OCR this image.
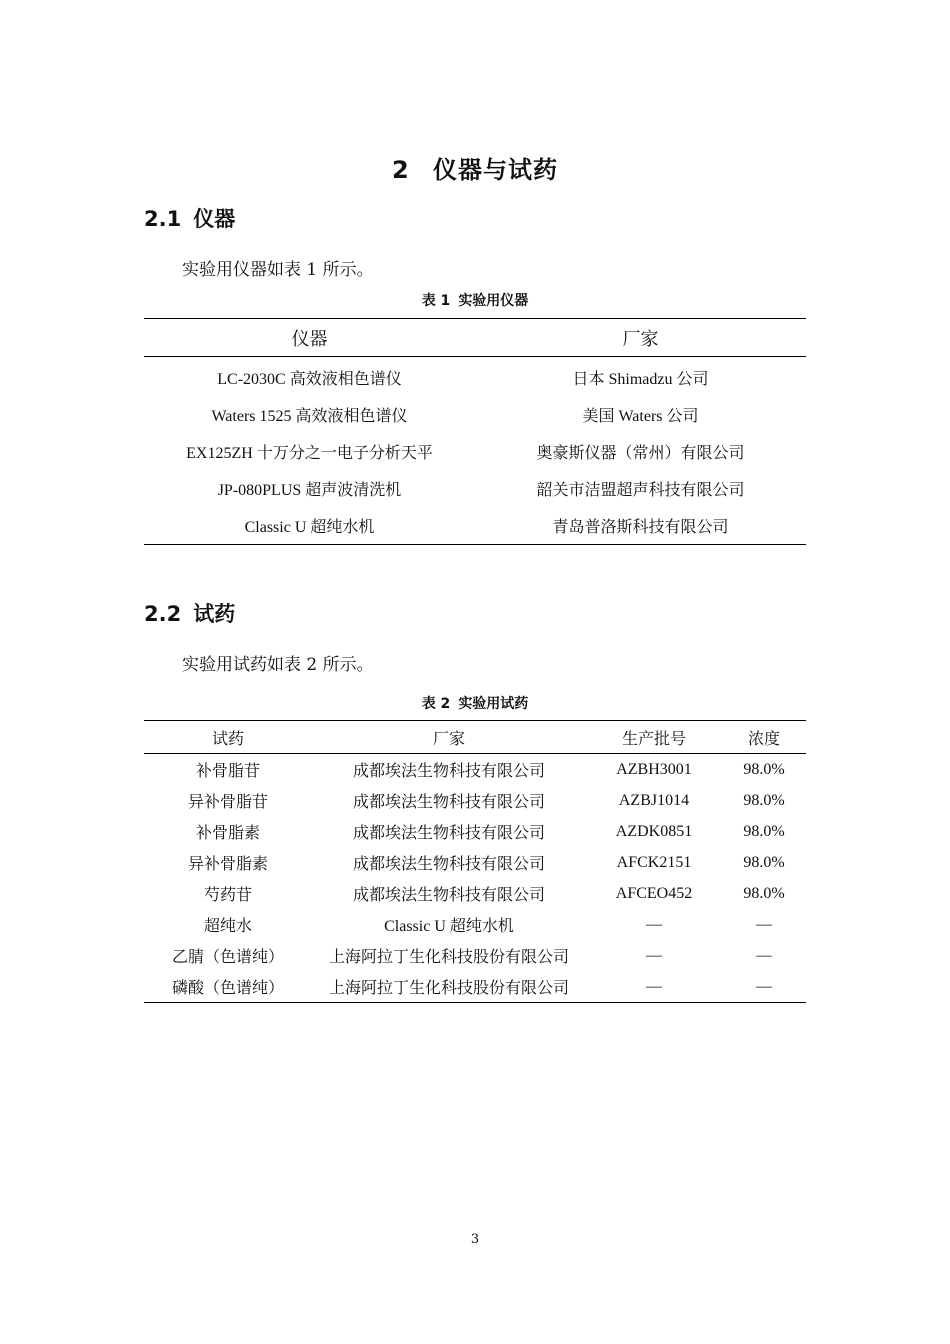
2 仪器与试药
2.1 仪器
实验用仪器如表 1 所示。
表 1 实验用仪器
仪器	厂家
LC-2030C 高效液相色谱仪	日本 Shimadzu 公司
Waters 1525 高效液相色谱仪	美国 Waters 公司
EX125ZH 十万分之一电子分析天平	奥豪斯仪器（常州）有限公司
JP-080PLUS 超声波清洗机	韶关市洁盟超声科技有限公司
Classic U 超纯水机	青岛普洛斯科技有限公司
2.2 试药
实验用试药如表 2 所示。
表 2 实验用试药
试药	厂家	生产批号	浓度
补骨脂苷	成都埃法生物科技有限公司	AZBH3001	98.0%
异补骨脂苷	成都埃法生物科技有限公司	AZBJ1014	98.0%
补骨脂素	成都埃法生物科技有限公司	AZDK0851	98.0%
异补骨脂素	成都埃法生物科技有限公司	AFCK2151	98.0%
芍药苷	成都埃法生物科技有限公司	AFCEO452	98.0%
超纯水	Classic U 超纯水机	—	—
乙腈（色谱纯）	上海阿拉丁生化科技股份有限公司	—	—
磷酸（色谱纯）	上海阿拉丁生化科技股份有限公司	—	—
3
